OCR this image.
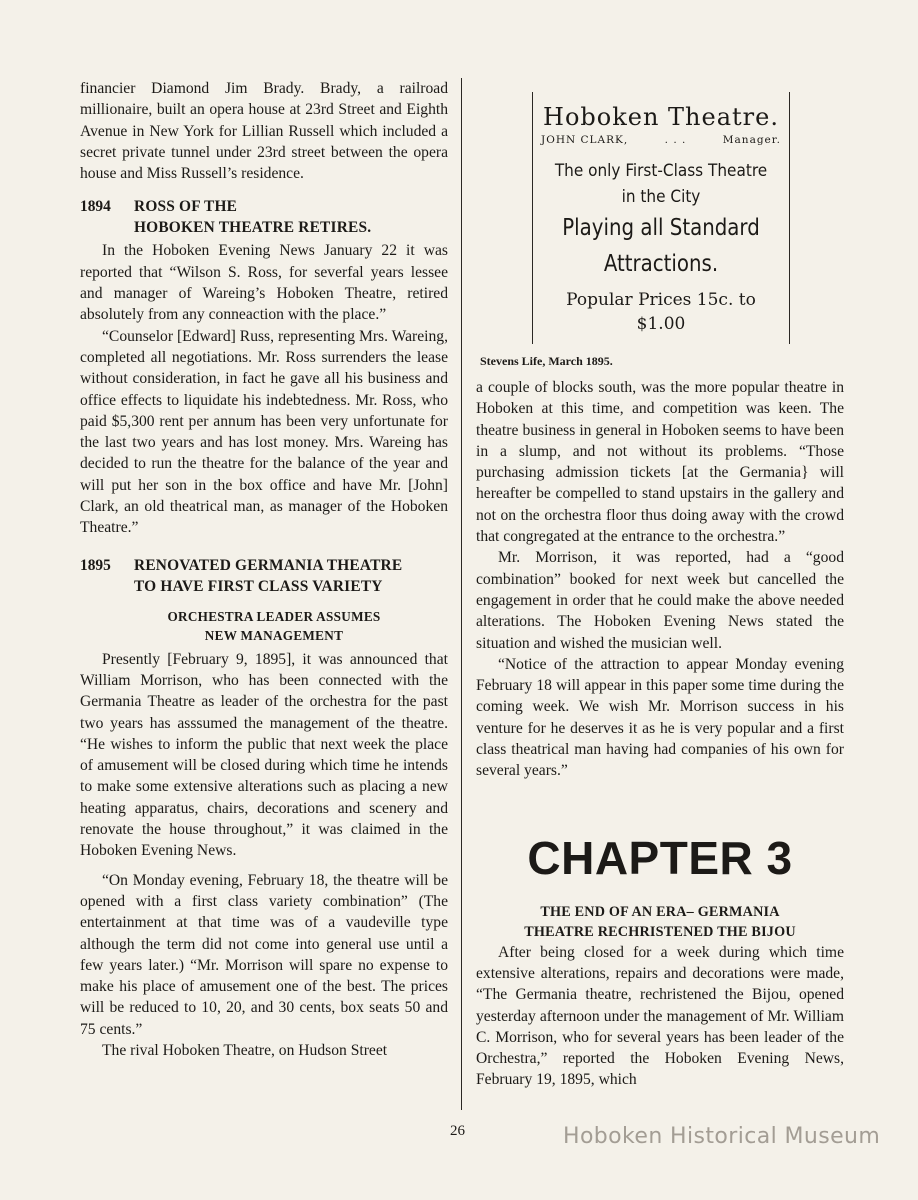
financier Diamond Jim Brady. Brady, a railroad millionaire, built an opera house at 23rd Street and Eighth Avenue in New York for Lillian Russell which included a secret private tunnel under 23rd street between the opera house and Miss Russell’s residence.

1894	ROSS OF THE
HOBOKEN THEATRE RETIRES.

In the Hoboken Evening News January 22 it was reported that “Wilson S. Ross, for severfal years lessee and manager of Wareing’s Hoboken Theatre, retired absolutely from any conneaction with the place.”

“Counselor [Edward] Russ, representing Mrs. Wareing, completed all negotiations. Mr. Ross surrenders the lease without consideration, in fact he gave all his business and office effects to liquidate his indebtedness. Mr. Ross, who paid $5,300 rent per annum has been very unfortunate for the last two years and has lost money. Mrs. Wareing has decided to run the theatre for the balance of the year and will put her son in the box office and have Mr. [John] Clark, an old theatrical man, as manager of the Hoboken Theatre.”

1895	RENOVATED GERMANIA THEATRE
TO HAVE FIRST CLASS VARIETY
ORCHESTRA LEADER ASSUMES
NEW MANAGEMENT

Presently [February 9, 1895], it was announced that William Morrison, who has been connected with the Germania Theatre as leader of the orchestra for the past two years has asssumed the management of the theatre. “He wishes to inform the public that next week the place of amusement will be closed during which time he intends to make some extensive alterations such as placing a new heating apparatus, chairs, decorations and scenery and renovate the house throughout,” it was claimed in the Hoboken Evening News.

“On Monday evening, February 18, the theatre will be opened with a first class variety combination” (The entertainment at that time was of a vaudeville type although the term did not come into general use until a few years later.) “Mr. Morrison will spare no expense to make his place of amusement one of the best. The prices will be reduced to 10, 20, and 30 cents, box seats 50 and 75 cents.”

The rival Hoboken Theatre, on Hudson Street

Hoboken Theatre.
JOHN CLARK,	. . .	Manager.
The only First-Class Theatre
in the City
Playing all Standard
Attractions.
Popular Prices 15c. to $1.00
Stevens Life, March 1895.

a couple of blocks south, was the more popular theatre in Hoboken at this time, and competition was keen. The theatre business in general in Hoboken seems to have been in a slump, and not without its problems. “Those purchasing admission tickets [at the Germania} will hereafter be compelled to stand upstairs in the gallery and not on the orchestra floor thus doing away with the crowd that congregated at the entrance to the orchestra.”

Mr. Morrison, it was reported, had a “good combination” booked for next week but cancelled the engagement in order that he could make the above needed alterations. The Hoboken Evening News stated the situation and wished the musician well.

“Notice of the attraction to appear Monday evening February 18 will appear in this paper some time during the coming week. We wish Mr. Morrison success in his venture for he deserves it as he is very popular and a first class theatrical man having had companies of his own for several years.”

CHAPTER 3
THE END OF AN ERA– GERMANIA
THEATRE RECHRISTENED THE BIJOU

After being closed for a week during which time extensive alterations, repairs and decorations were made, “The Germania theatre, rechristened the Bijou, opened yesterday afternoon under the management of Mr. William C. Morrison, who for several years has been leader of the Orchestra,” reported the Hoboken Evening News, February 19, 1895, which

26	Hoboken Historical Museum
